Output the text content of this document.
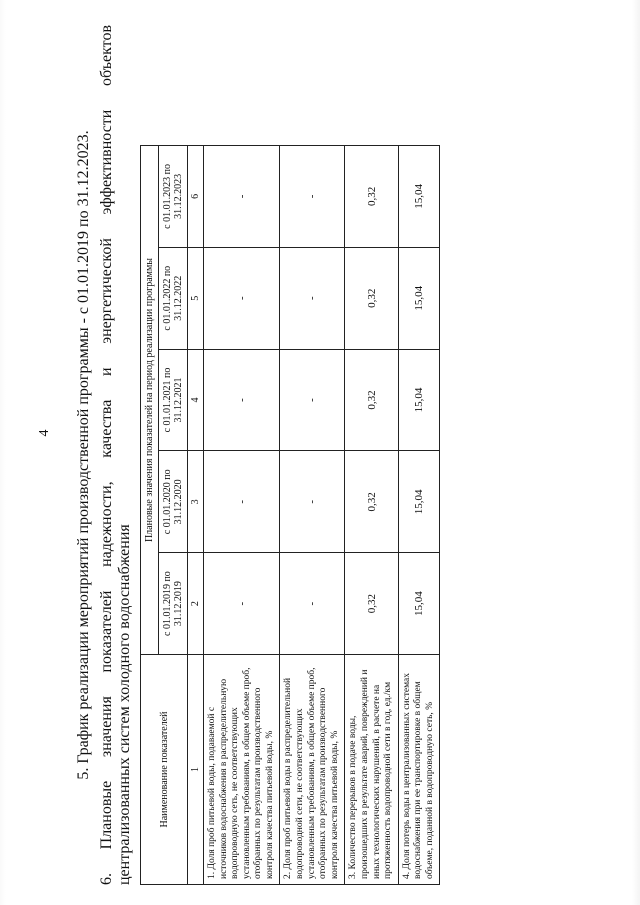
4 5. График реализации мероприятий производственной программы - с 01.01.2019 по 31.12.2023. 6. Плановые значения показателей надежности, качества и энергетической эффективности объектов централизованных систем холодного водоснабжения	Наименование показателей	Плановые значения показателей на период реализации программы				
	с 01.01.2019 по 31.12.2019	с 01.01.2020 по 31.12.2020	с 01.01.2021 по 31.12.2021	с 01.01.2022 по 31.12.2022	с 01.01.2023 по 31.12.2023
1	2	3	4	5	6
1. Доля проб питьевой воды, подаваемой с источников водоснабжения в распределительную водопроводную сеть, не соответствующих установленным требованиям, в общем объеме проб, отобранных по результатам производственного контроля качества питьевой воды, %	-	-	-	-	-
2. Доля проб питьевой воды в распределительной водопроводной сети, не соответствующих установленным требованиям, в общем объеме проб, отобранных по результатам производственного контроля качества питьевой воды, %	-	-	-	-	-
3. Количество перерывов в подаче воды, произошедших в результате аварий, повреждений и иных технологических нарушений, в расчете на протяженность водопроводной сети в год, ед./км	0,32	0,32	0,32	0,32	0,32
4. Доля потерь воды в централизованных системах водоснабжения при ее транспортировке в общем объеме, поданной в водопроводную сеть, %	15,04	15,04	15,04	15,04	15,04
